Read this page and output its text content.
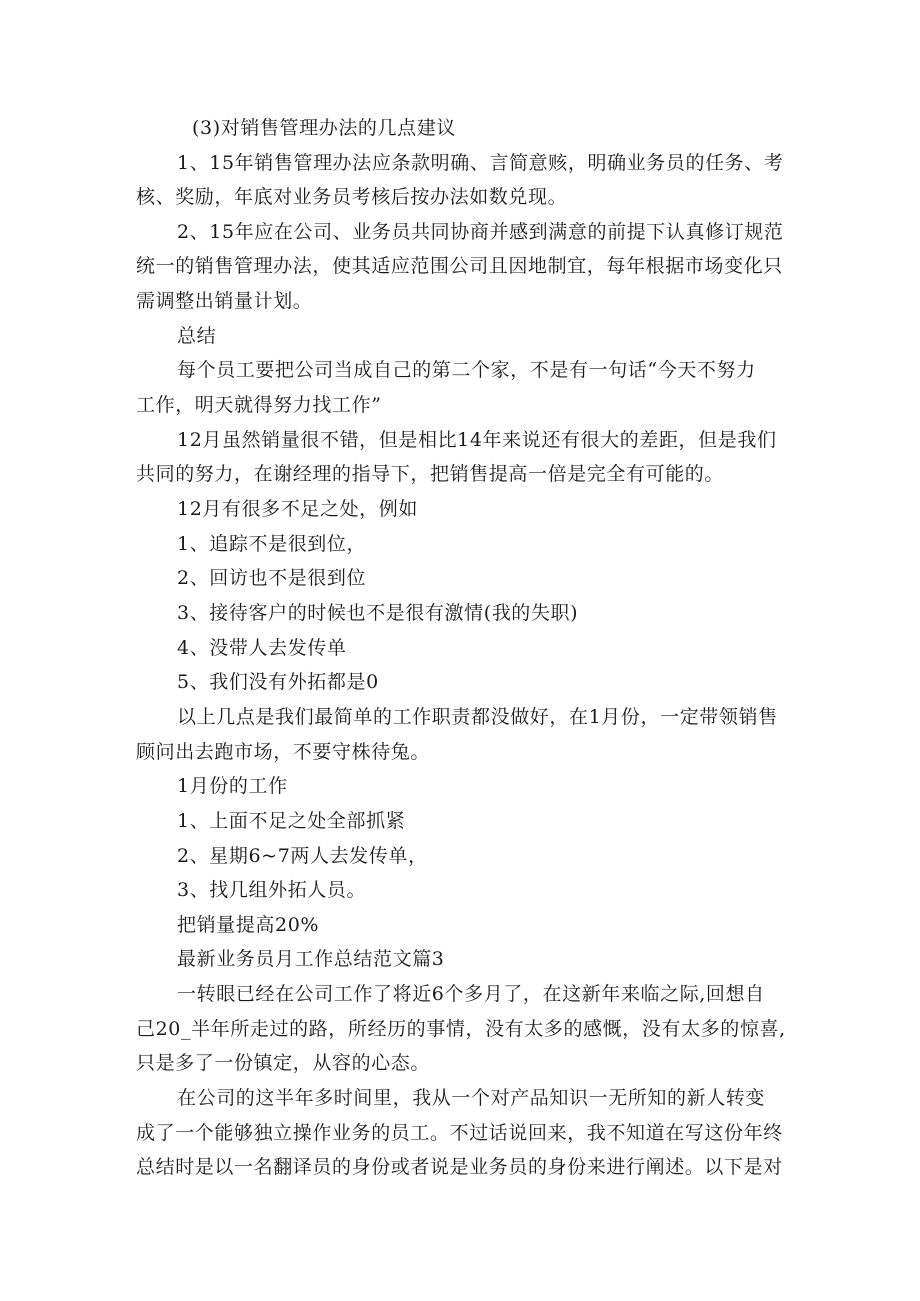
(3)对销售管理办法的几点建议
1、15年销售管理办法应条款明确、言简意赅，明确业务员的任务、考
核、奖励，年底对业务员考核后按办法如数兑现。
2、15年应在公司、业务员共同协商并感到满意的前提下认真修订规范
统一的销售管理办法，使其适应范围公司且因地制宜，每年根据市场变化只
需调整出销量计划。
总结
每个员工要把公司当成自己的第二个家，不是有一句话“今天不努力
工作，明天就得努力找工作”
12月虽然销量很不错，但是相比14年来说还有很大的差距，但是我们
共同的努力，在谢经理的指导下，把销售提高一倍是完全有可能的。
12月有很多不足之处，例如
1、追踪不是很到位，
2、回访也不是很到位
3、接待客户的时候也不是很有激情(我的失职)
4、没带人去发传单
5、我们没有外拓都是0
以上几点是我们最简单的工作职责都没做好，在1月份，一定带领销售
顾问出去跑市场，不要守株待兔。
1月份的工作
1、上面不足之处全部抓紧
2、星期6~7两人去发传单，
3、找几组外拓人员。
把销量提高20%
最新业务员月工作总结范文篇3
一转眼已经在公司工作了将近6个多月了，在这新年来临之际,回想自
己20_半年所走过的路，所经历的事情，没有太多的感慨，没有太多的惊喜,
只是多了一份镇定，从容的心态。
在公司的这半年多时间里，我从一个对产品知识一无所知的新人转变
成了一个能够独立操作业务的员工。不过话说回来，我不知道在写这份年终
总结时是以一名翻译员的身份或者说是业务员的身份来进行阐述。以下是对
